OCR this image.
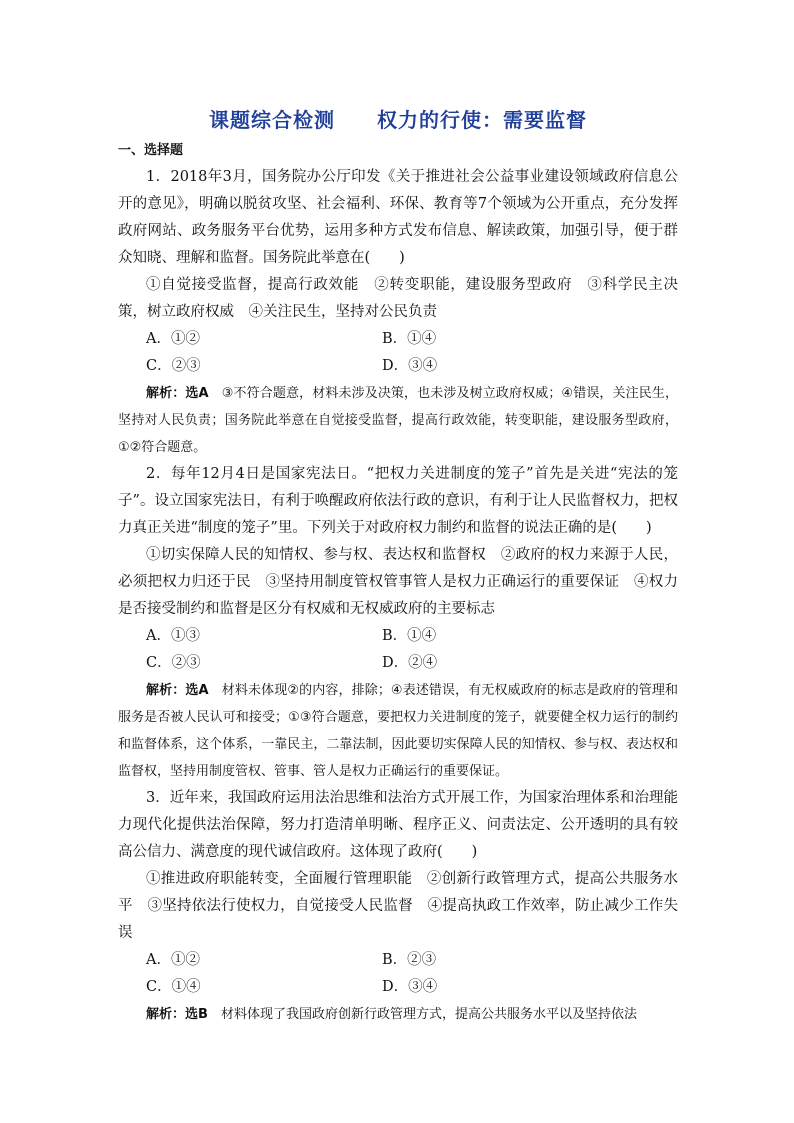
课题综合检测　　权力的行使：需要监督
一、选择题

1．2018年3月，国务院办公厅印发《关于推进社会公益事业建设领域政府信息公开的意见》，明确以脱贫攻坚、社会福利、环保、教育等7个领域为公开重点，充分发挥政府网站、政务服务平台优势，运用多种方式发布信息、解读政策，加强引导，便于群众知晓、理解和监督。国务院此举意在(　　)

①自觉接受监督，提高行政效能　②转变职能，建设服务型政府　③科学民主决策，树立政府权威　④关注民生，坚持对公民负责

A．①②	B．①④
C．②③	D．③④

解析：选A　③不符合题意，材料未涉及决策，也未涉及树立政府权威；④错误，关注民生，坚持对人民负责；国务院此举意在自觉接受监督，提高行政效能，转变职能，建设服务型政府，①②符合题意。

2．每年12月4日是国家宪法日。“把权力关进制度的笼子”首先是关进“宪法的笼子”。设立国家宪法日，有利于唤醒政府依法行政的意识，有利于让人民监督权力，把权力真正关进“制度的笼子”里。下列关于对政府权力制约和监督的说法正确的是(　　)

①切实保障人民的知情权、参与权、表达权和监督权　②政府的权力来源于人民，必须把权力归还于民　③坚持用制度管权管事管人是权力正确运行的重要保证　④权力是否接受制约和监督是区分有权威和无权威政府的主要标志

A．①③	B．①④
C．②③	D．②④

解析：选A　材料未体现②的内容，排除；④表述错误，有无权威政府的标志是政府的管理和服务是否被人民认可和接受；①③符合题意，要把权力关进制度的笼子，就要健全权力运行的制约和监督体系，这个体系，一靠民主，二靠法制，因此要切实保障人民的知情权、参与权、表达权和监督权，坚持用制度管权、管事、管人是权力正确运行的重要保证。

3．近年来，我国政府运用法治思维和法治方式开展工作，为国家治理体系和治理能力现代化提供法治保障，努力打造清单明晰、程序正义、问责法定、公开透明的具有较高公信力、满意度的现代诚信政府。这体现了政府(　　)

①推进政府职能转变，全面履行管理职能　②创新行政管理方式，提高公共服务水平　③坚持依法行使权力，自觉接受人民监督　④提高执政工作效率，防止减少工作失误

A．①②	B．②③
C．①④	D．③④

解析：选B　材料体现了我国政府创新行政管理方式，提高公共服务水平以及坚持依法
